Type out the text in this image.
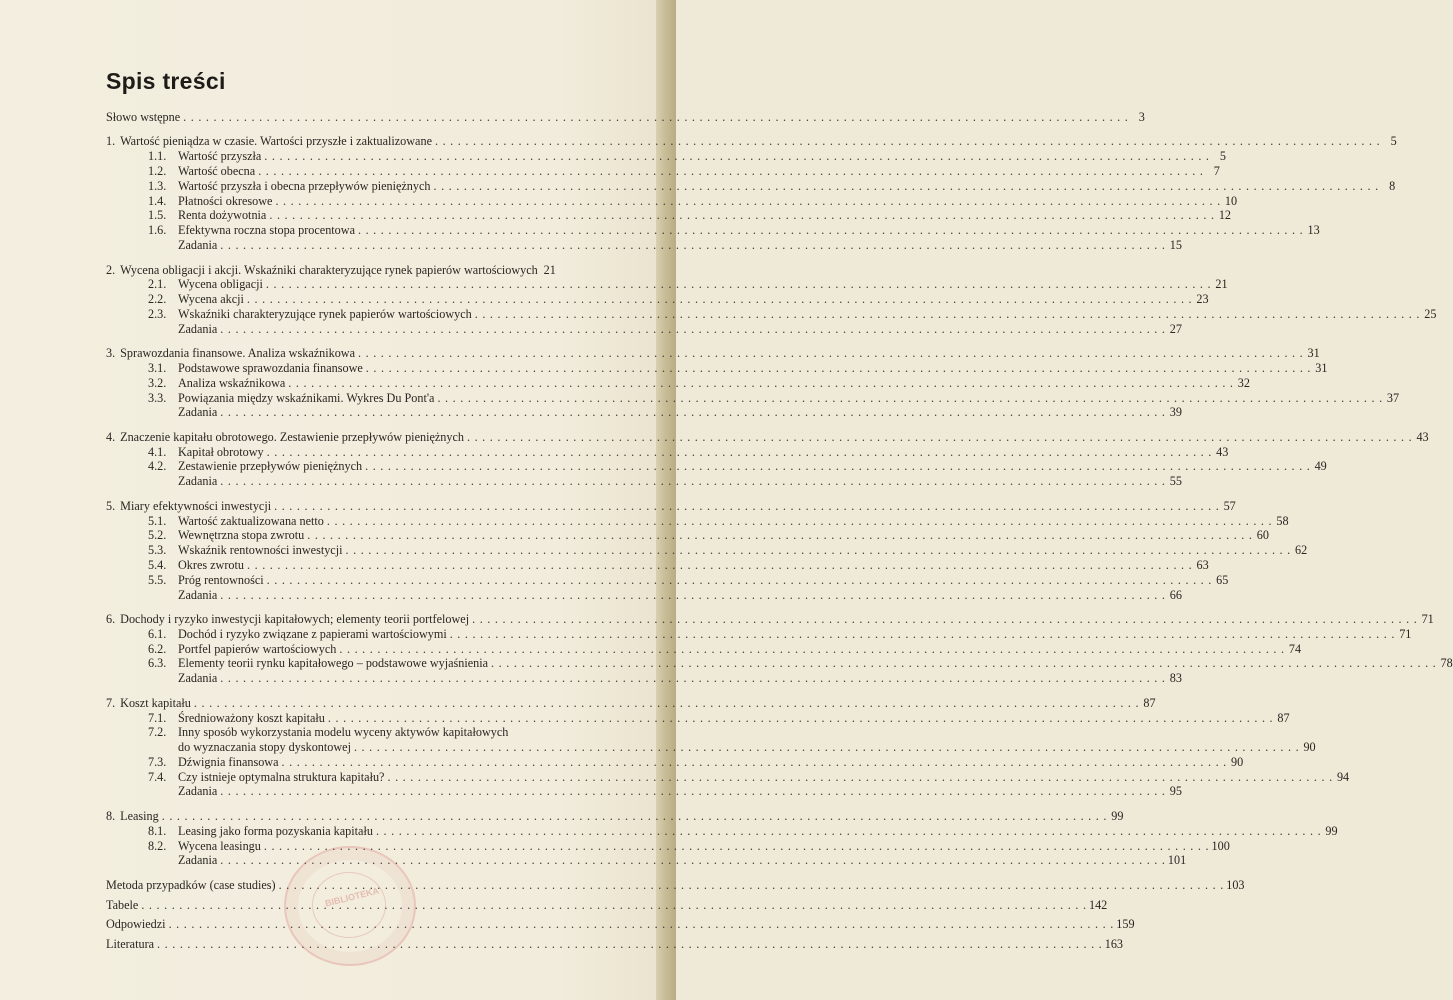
Spis treści
Słowo wstępne . . .	3
1. Wartość pieniądza w czasie. Wartości przyszłe i zaktualizowane . . .	5
1.1. Wartość przyszła . . .	5
1.2. Wartość obecna . . .	7
1.3. Wartość przyszła i obecna przepływów pieniężnych . . .	8
1.4. Płatności okresowe . . .	10
1.5. Renta dożywotnia . . .	12
1.6. Efektywna roczna stopa procentowa . . .	13
Zadania . . .	15
2. Wycena obligacji i akcji. Wskaźniki charakteryzujące rynek papierów wartościowych 21
2.1. Wycena obligacji . . .	21
2.2. Wycena akcji . . .	23
2.3. Wskaźniki charakteryzujące rynek papierów wartościowych . . .	25
Zadania . . .	27
3. Sprawozdania finansowe. Analiza wskaźnikowa . . .	31
3.1. Podstawowe sprawozdania finansowe . . .	31
3.2. Analiza wskaźnikowa . . .	32
3.3. Powiązania między wskaźnikami. Wykres Du Pont'a . . .	37
Zadania . . .	39
4. Znaczenie kapitału obrotowego. Zestawienie przepływów pieniężnych . . .	43
4.1. Kapitał obrotowy . . .	43
4.2. Zestawienie przepływów pieniężnych . . .	49
Zadania . . .	55
5. Miary efektywności inwestycji . . .	57
5.1. Wartość zaktualizowana netto . . .	58
5.2. Wewnętrzna stopa zwrotu . . .	60
5.3. Wskaźnik rentowności inwestycji . . .	62
5.4. Okres zwrotu . . .	63
5.5. Próg rentowności . . .	65
Zadania . . .	66
6. Dochody i ryzyko inwestycji kapitałowych; elementy teorii portfelowej . . .	71
6.1. Dochód i ryzyko związane z papierami wartościowymi . . .	71
6.2. Portfel papierów wartościowych . . .	74
6.3. Elementy teorii rynku kapitałowego – podstawowe wyjaśnienia . . .	78
Zadania . . .	83
7. Koszt kapitału . . .	87
7.1. Średnioważony koszt kapitału . . .	87
7.2. Inny sposób wykorzystania modelu wyceny aktywów kapitałowych
do wyznaczania stopy dyskontowej . . .	90
7.3. Dźwignia finansowa . . .	90
7.4. Czy istnieje optymalna struktura kapitału? . . .	94
Zadania . . .	95
8. Leasing . . .	99
8.1. Leasing jako forma pozyskania kapitału . . .	99
8.2. Wycena leasingu . . .	100
Zadania . . .	101
Metoda przypadków (case studies) . . .	103
Tabele . . .	142
Odpowiedzi . . .	159
Literatura . . .	163
BIBLIOTEKA
